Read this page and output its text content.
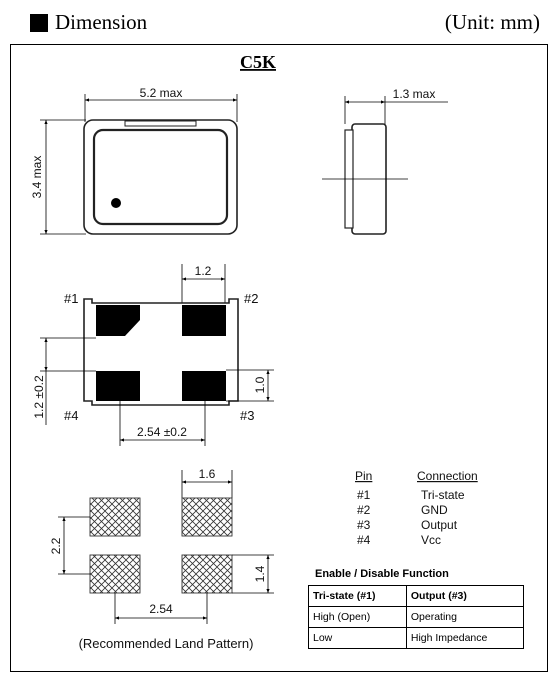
Dimension	(Unit: mm)
C5K
5.2 max
3.4 max
1.3 max
1.2
#1	#2
#4	#3
1.2 ±0.2	1.0
2.54 ±0.2
1.6
2.2
1.4
2.54
(Recommended Land Pattern)
Pin	Connection
#1	Tri-state
#2	GND
#3	Output
#4	Vcc
Enable / Disable Function
Tri-state (#1)	Output (#3)
High (Open)	Operating
Low	High Impedance
